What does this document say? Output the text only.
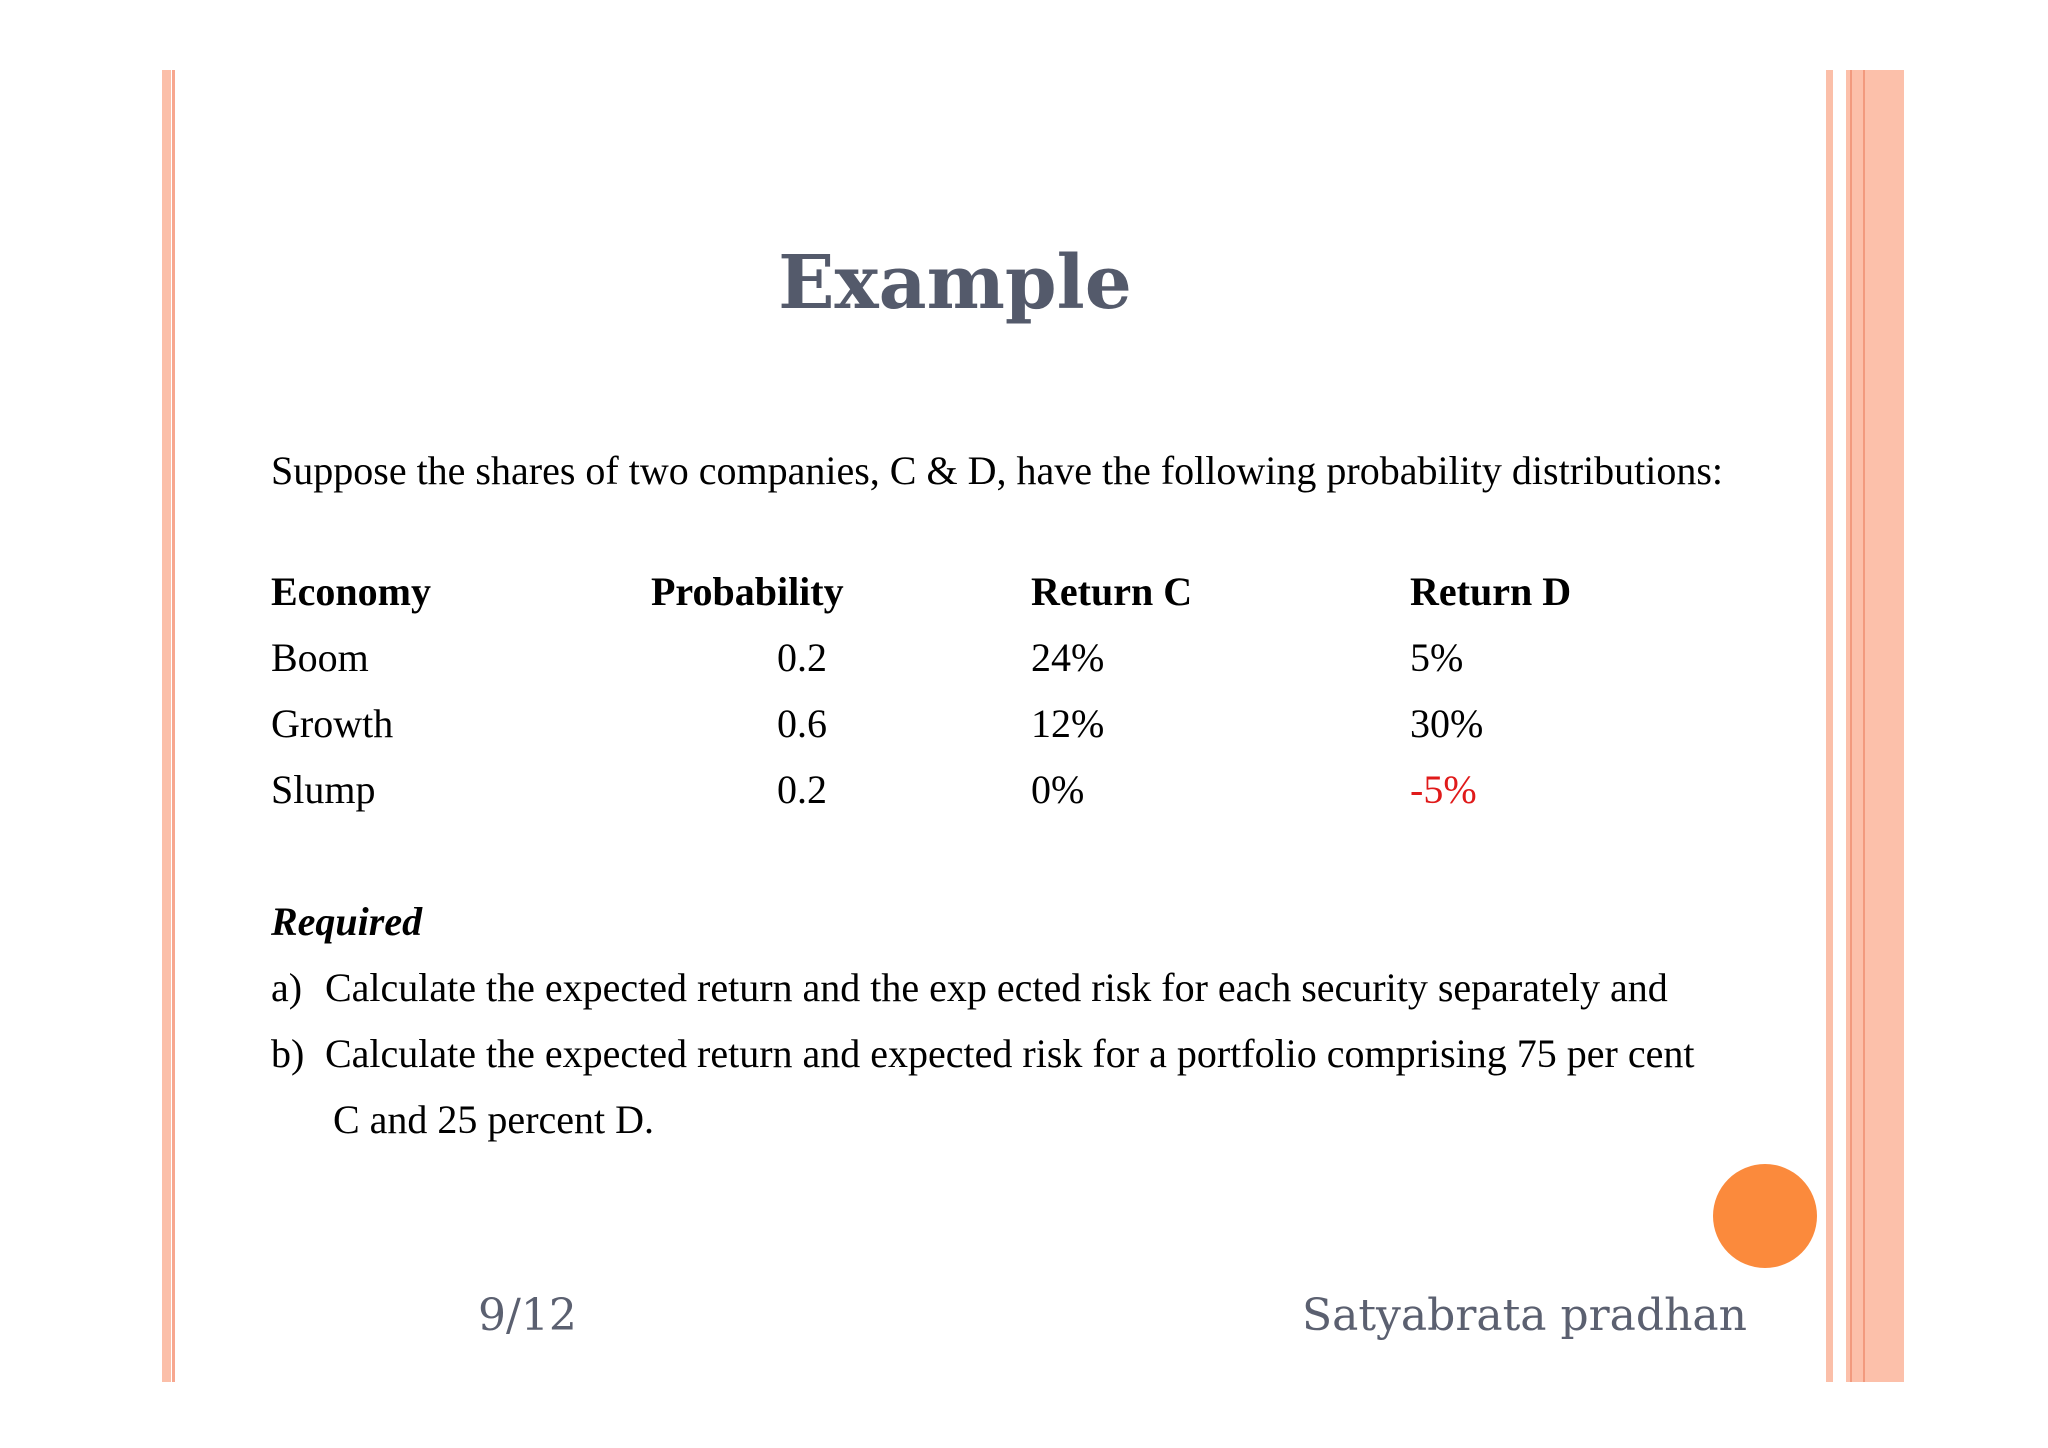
Example
Suppose the shares of two companies, C & D, have the following probability distributions:
Economy	Probability	Return C	Return D
Boom	0.2	24%	5%
Growth	0.6	12%	30%
Slump	0.2	0%	-5%
Required
a) Calculate the expected return and the exp ected risk for each security separately and
b) Calculate the expected return and expected risk for a portfolio comprising 75 per cent
C and 25 percent D.
9/12	Satyabrata pradhan
